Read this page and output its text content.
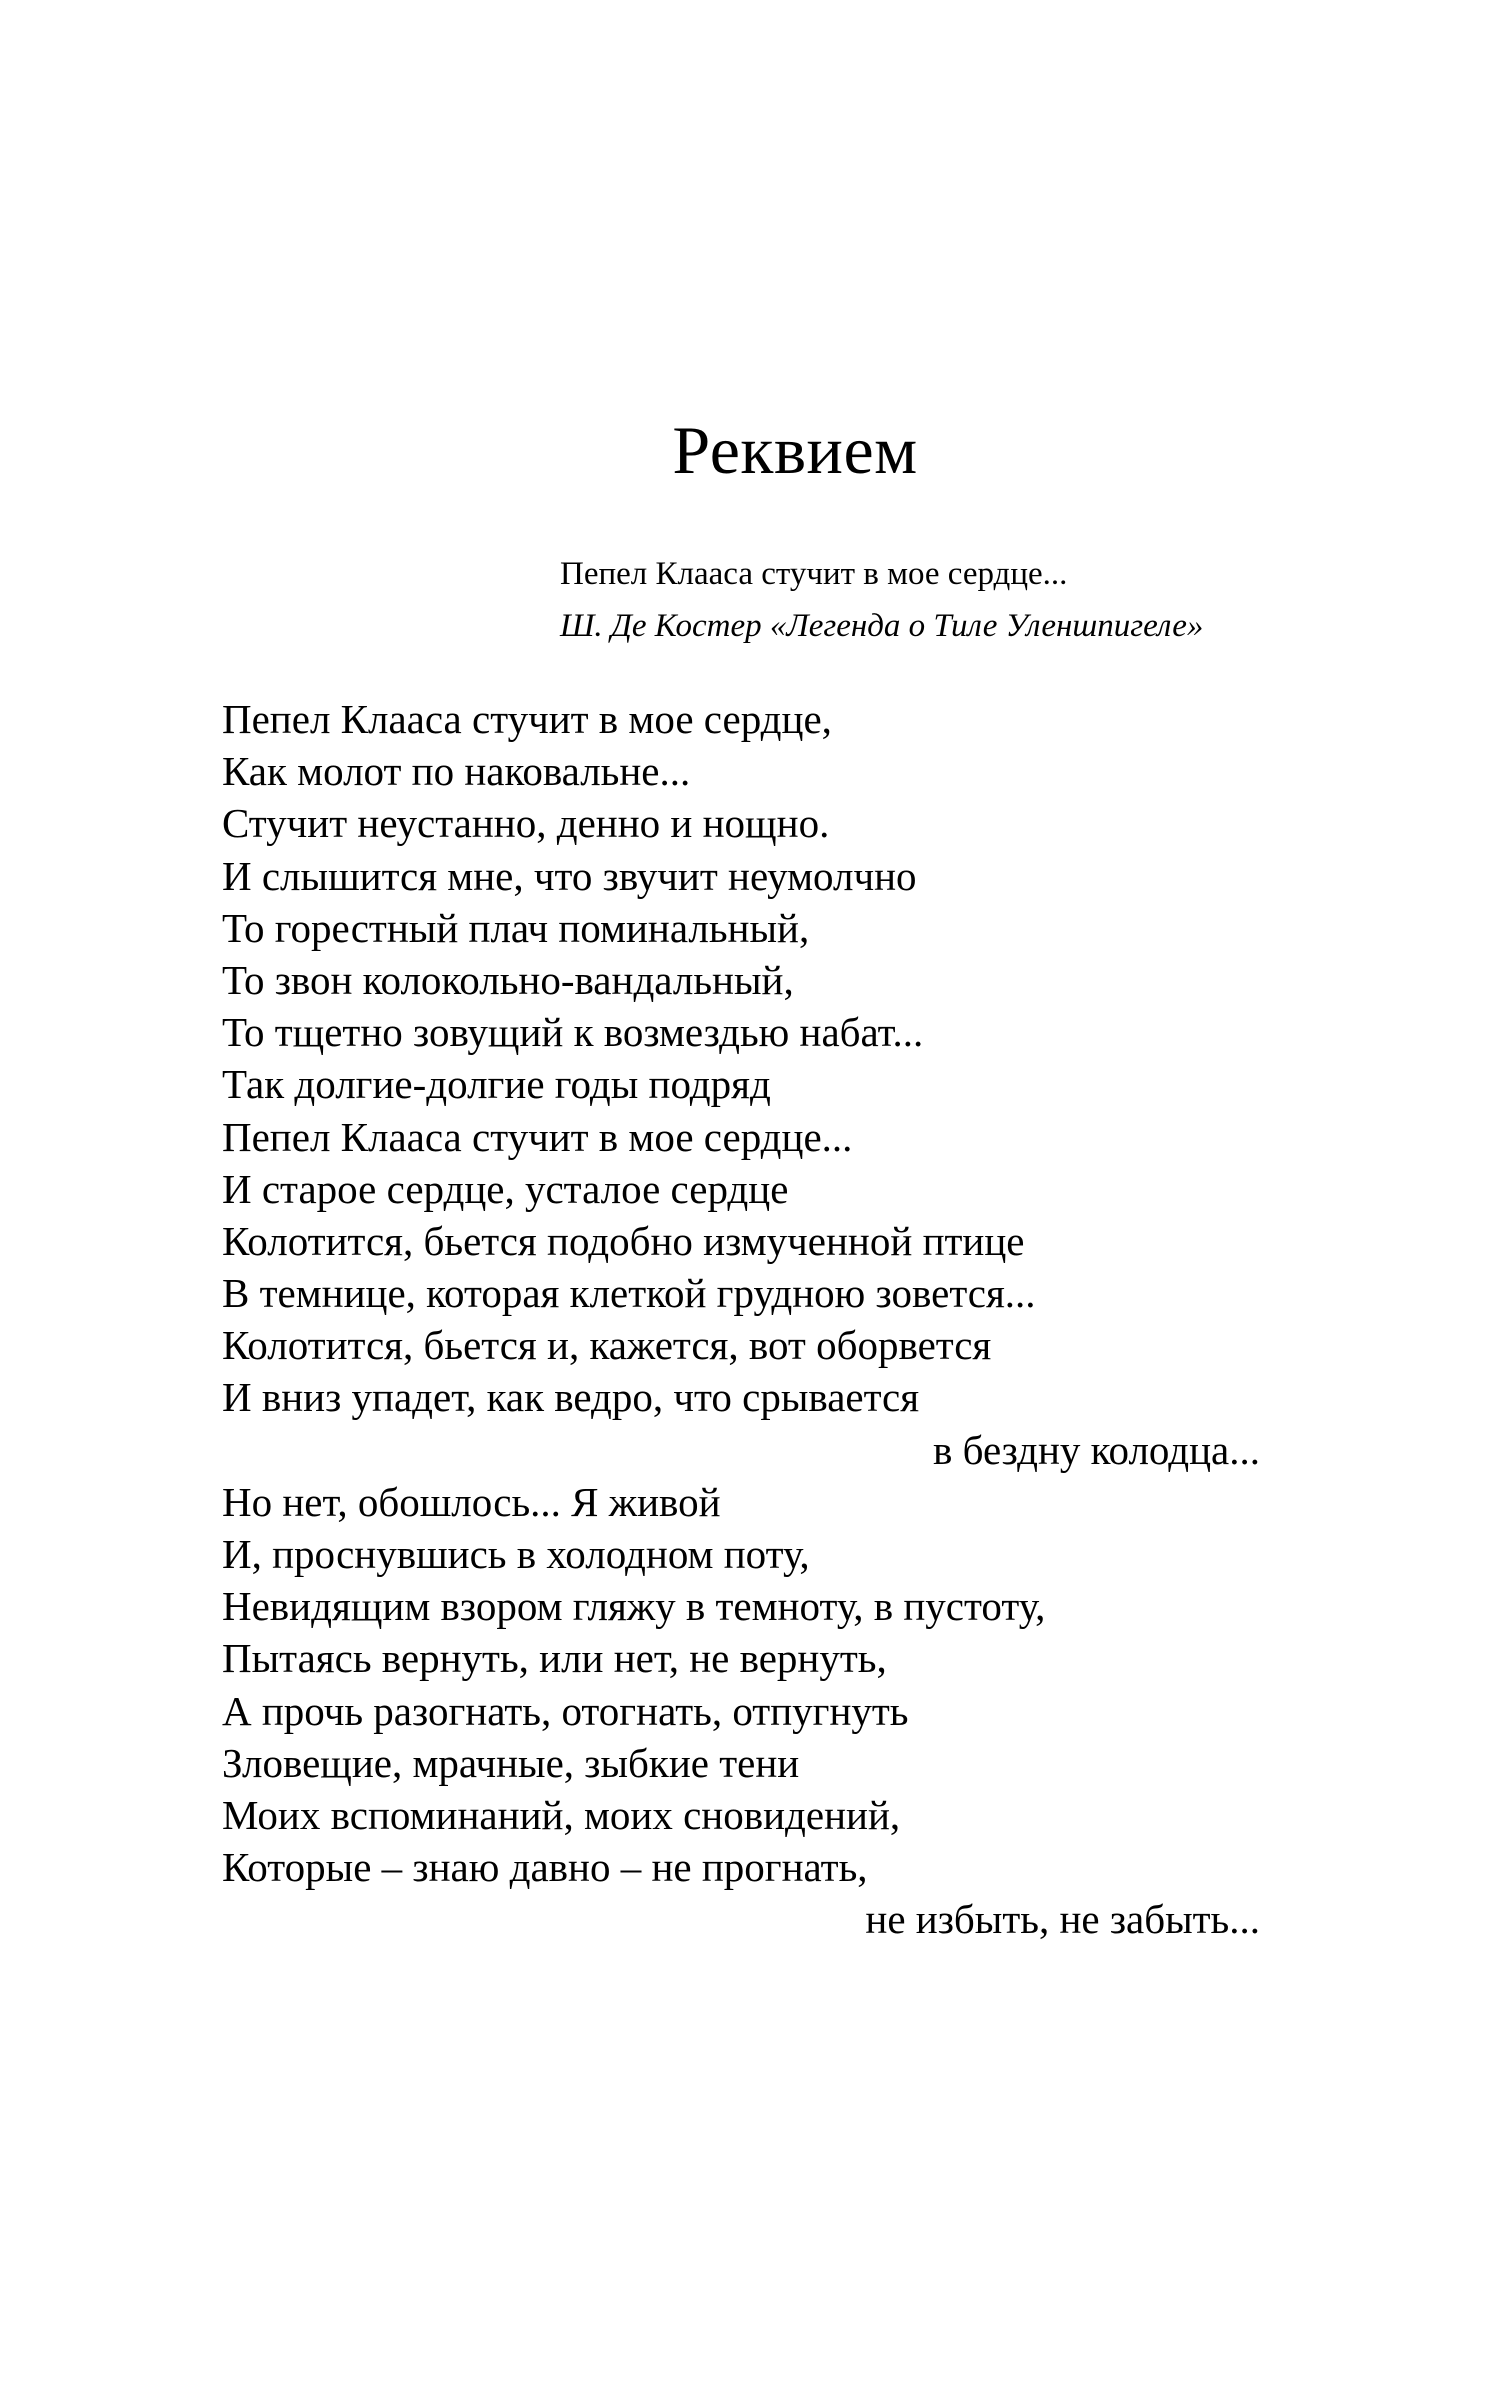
Реквием
Пепел Клааса стучит в мое сердце...
Ш. Де Костер «Легенда о Тиле Уленшпигеле»
Пепел Клааса стучит в мое сердце,
Как молот по наковальне...
Стучит неустанно, денно и нощно.
И слышится мне, что звучит неумолчно
То горестный плач поминальный,
То звон колокольно-вандальный,
То тщетно зовущий к возмездью набат...
Так долгие-долгие годы подряд
Пепел Клааса стучит в мое сердце...
И старое сердце, усталое сердце
Колотится, бьется подобно измученной птице
В темнице, которая клеткой грудною зовется...
Колотится, бьется и, кажется, вот оборвется
И вниз упадет, как ведро, что срывается
в бездну колодца...
Но нет, обошлось... Я живой
И, проснувшись в холодном поту,
Невидящим взором гляжу в темноту, в пустоту,
Пытаясь вернуть, или нет, не вернуть,
А прочь разогнать, отогнать, отпугнуть
Зловещие, мрачные, зыбкие тени
Моих вспоминаний, моих сновидений,
Которые – знаю давно – не прогнать,
не избыть, не забыть...
